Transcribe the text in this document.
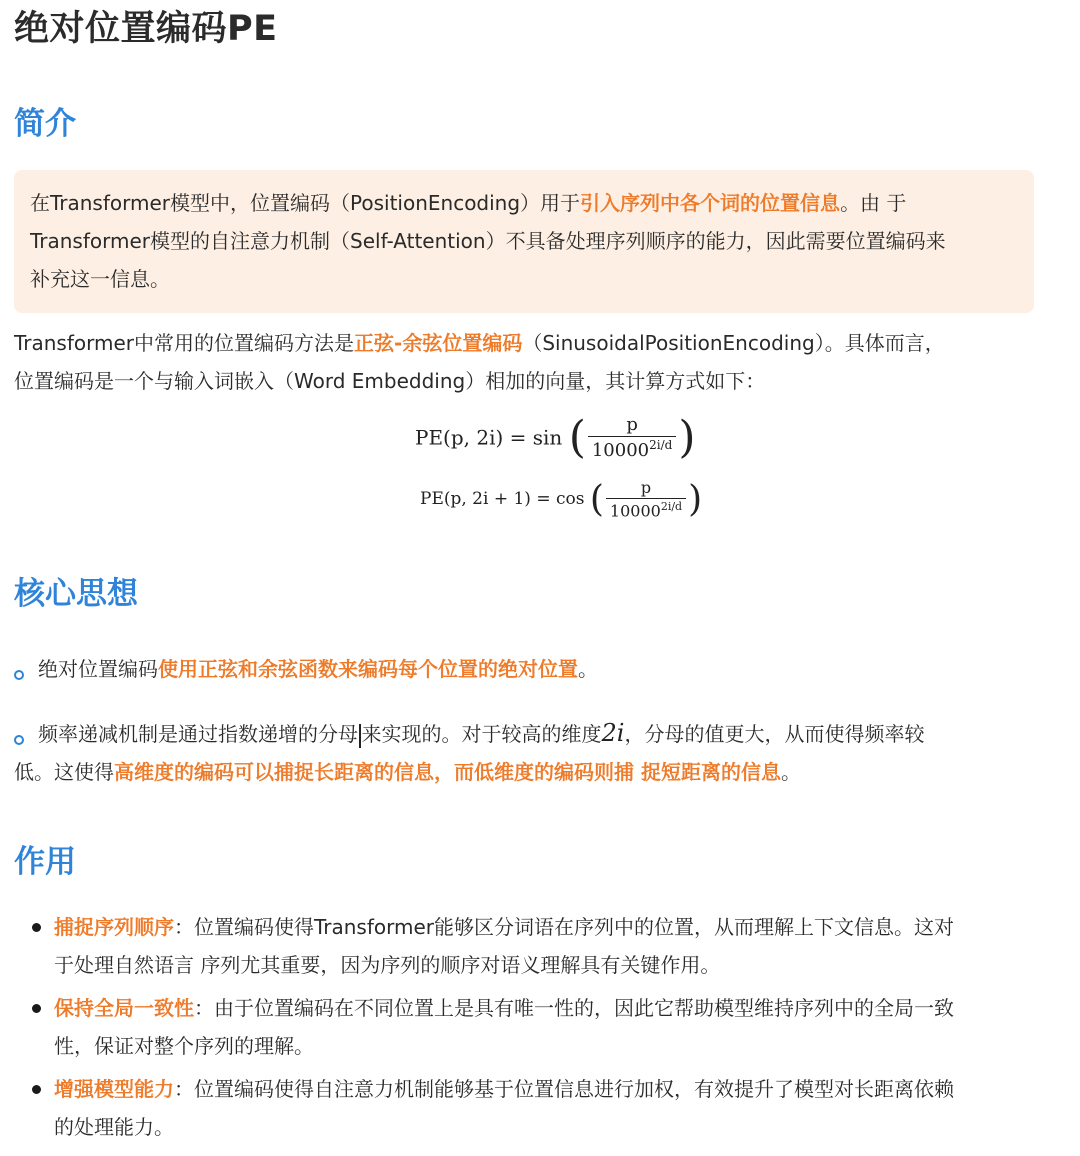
绝对位置编码PE
简介
在Transformer模型中，位置编码（PositionEncoding）用于引入序列中各个词的位置信息。由 于
Transformer模型的自注意力机制（Self-Attention）不具备处理序列顺序的能力，因此需要位置编码来
补充这一信息。
Transformer中常用的位置编码方法是正弦-余弦位置编码（SinusoidalPositionEncoding）。具体而言，
位置编码是一个与输入词嵌入（Word Embedding）相加的向量，其计算方式如下：
PE(p, 2i) = sin ( $\frac{p}{10000^{2i/d}}$ )
PE(p, 2i + 1) = cos ( $\frac{p}{10000^{2i/d}}$ )
核心思想
绝对位置编码使用正弦和余弦函数来编码每个位置的绝对位置。
频率递减机制是通过指数递增的分母 来实现的。对于较高的维度2i，分母的值更大，从而使得频率较
低。这使得高维度的编码可以捕捉长距离的信息，而低维度的编码则捕 捉短距离的信息。
作用
捕捉序列顺序：位置编码使得Transformer能够区分词语在序列中的位置，从而理解上下文信息。这对
于处理自然语言 序列尤其重要，因为序列的顺序对语义理解具有关键作用。
保持全局一致性：由于位置编码在不同位置上是具有唯一性的，因此它帮助模型维持序列中的全局一致
性，保证对整个序列的理解。
增强模型能力：位置编码使得自注意力机制能够基于位置信息进行加权，有效提升了模型对长距离依赖
的处理能力。
